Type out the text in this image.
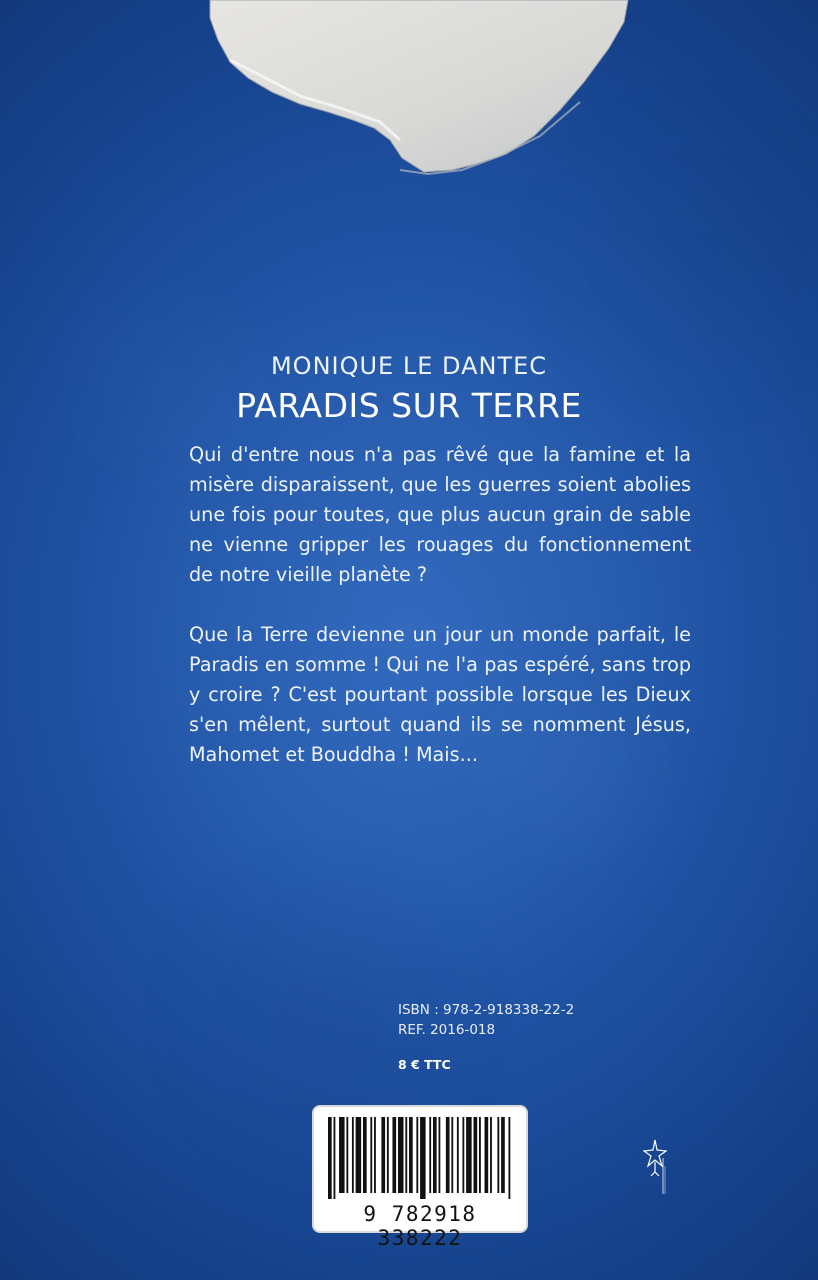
MONIQUE LE DANTEC
PARADIS SUR TERRE

Qui d'entre nous n'a pas rêvé que la famine et la misère disparaissent, que les guerres soient abolies une fois pour toutes, que plus aucun grain de sable ne vienne gripper les rouages du fonctionnement de notre vieille planète ?

Que la Terre devienne un jour un monde parfait, le Paradis en somme ! Qui ne l'a pas espéré, sans trop y croire ? C'est pourtant possible lorsque les Dieux s'en mêlent, surtout quand ils se nomment Jésus, Mahomet et Bouddha ! Mais...

ISBN : 978-2-918338-22-2
REF. 2016-018
8 € TTC
9 782918 338222
